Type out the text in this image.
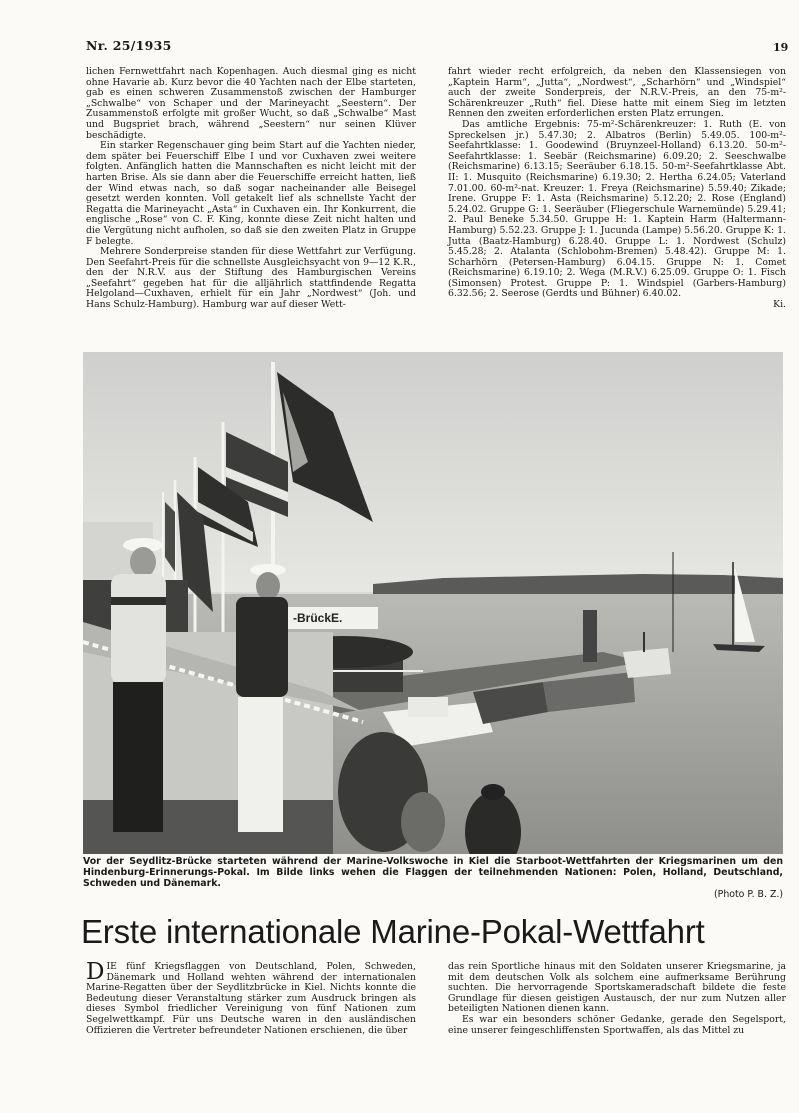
Nr. 25/1935	19

lichen Fernwettfahrt nach Kopenhagen. Auch diesmal ging es nicht ohne Havarie ab. Kurz bevor die 40 Yachten nach der Elbe starteten, gab es einen schweren Zusammenstoß zwischen der Hamburger „Schwalbe“ von Schaper und der Marineyacht „Seestern“. Der Zusammenstoß erfolgte mit großer Wucht, so daß „Schwalbe“ Mast und Bugspriet brach, während „Seestern“ nur seinen Klüver beschädigte.

Ein starker Regenschauer ging beim Start auf die Yachten nieder, dem später bei Feuerschiff Elbe I und vor Cuxhaven zwei weitere folgten. Anfänglich hatten die Mannschaften es nicht leicht mit der harten Brise. Als sie dann aber die Feuerschiffe erreicht hatten, ließ der Wind etwas nach, so daß sogar nacheinander alle Beisegel gesetzt werden konnten. Voll getakelt lief als schnellste Yacht der Regatta die Marineyacht „Asta“ in Cuxhaven ein. Ihr Konkurrent, die englische „Rose“ von C. F. King, konnte diese Zeit nicht halten und die Vergütung nicht aufholen, so daß sie den zweiten Platz in Gruppe F belegte.

Mehrere Sonderpreise standen für diese Wettfahrt zur Verfügung. Den Seefahrt-Preis für die schnellste Ausgleichsyacht von 9—12 K.R., den der N.R.V. aus der Stiftung des Hamburgischen Vereins „Seefahrt“ gegeben hat für die alljährlich stattfindende Regatta Helgoland—Cuxhaven, erhielt für ein Jahr „Nordwest“ (Joh. und Hans Schulz-Hamburg). Hamburg war auf dieser Wett-

fahrt wieder recht erfolgreich, da neben den Klassensiegen von „Kaptein Harm“, „Jutta“, „Nordwest“, „Scharhörn“ und „Windspiel“ auch der zweite Sonderpreis, der N.R.V.-Preis, an den 75-m²-Schärenkreuzer „Ruth“ fiel. Diese hatte mit einem Sieg im letzten Rennen den zweiten erforderlichen ersten Platz errungen.

Das amtliche Ergebnis: 75-m²-Schärenkreuzer: 1. Ruth (E. von Spreckelsen jr.) 5.47.30; 2. Albatros (Berlin) 5.49.05. 100-m²-Seefahrtklasse: 1. Goodewind (Bruynzeel-Holland) 6.13.20. 50-m²-Seefahrtklasse: 1. Seebär (Reichsmarine) 6.09.20; 2. Seeschwalbe (Reichsmarine) 6.13.15; Seeräuber 6.18.15. 50-m²-Seefahrtklasse Abt. II: 1. Musquito (Reichsmarine) 6.19.30; 2. Hertha 6.24.05; Vaterland 7.01.00. 60-m²-nat. Kreuzer: 1. Freya (Reichsmarine) 5.59.40; Zikade; Irene. Gruppe F: 1. Asta (Reichsmarine) 5.12.20; 2. Rose (England) 5.24.02. Gruppe G: 1. Seeräuber (Fliegerschule Warnemünde) 5.29.41; 2. Paul Beneke 5.34.50. Gruppe H: 1. Kaptein Harm (Haltermann-Hamburg) 5.52.23. Gruppe J: 1. Jucunda (Lampe) 5.56.20. Gruppe K: 1. Jutta (Baatz-Hamburg) 6.28.40. Gruppe L: 1. Nordwest (Schulz) 5.45.28; 2. Atalanta (Schlobohm-Bremen) 5.48.42). Gruppe M: 1. Scharhörn (Petersen-Hamburg) 6.04.15. Gruppe N: 1. Comet (Reichsmarine) 6.19.10; 2. Wega (M.R.V.) 6.25.09. Gruppe O: 1. Fisch (Simonsen) Protest. Gruppe P: 1. Windspiel (Garbers-Hamburg) 6.32.56; 2. Seerose (Gerdts und Bühner) 6.40.02.

Ki.

-BrückE.
Vor der Seydlitz-Brücke starteten während der Marine-Volkswoche in Kiel die Starboot-Wettfahrten der Kriegsmarinen um den Hindenburg-Erinnerungs-Pokal. Im Bilde links wehen die Flaggen der teilnehmenden Nationen: Polen, Holland, Deutschland, Schweden und Dänemark.
(Photo P. B. Z.)
Erste internationale Marine-Pokal-Wettfahrt

D IE fünf Kriegsflaggen von Deutschland, Polen, Schweden, Dänemark und Holland wehten während der internationalen Marine-Regatten über der Seydlitzbrücke in Kiel. Nichts konnte die Bedeutung dieser Veranstaltung stärker zum Ausdruck bringen als dieses Symbol friedlicher Vereinigung von fünf Nationen zum Segelwettkampf. Für uns Deutsche waren in den ausländischen Offizieren die Vertreter befreundeter Nationen erschienen, die über

das rein Sportliche hinaus mit den Soldaten unserer Kriegsmarine, ja mit dem deutschen Volk als solchem eine aufmerksame Berührung suchten. Die hervorragende Sportskameradschaft bildete die feste Grundlage für diesen geistigen Austausch, der nur zum Nutzen aller beteiligten Nationen dienen kann.

Es war ein besonders schöner Gedanke, gerade den Segelsport, eine unserer feingeschliffensten Sportwaffen, als das Mittel zu
